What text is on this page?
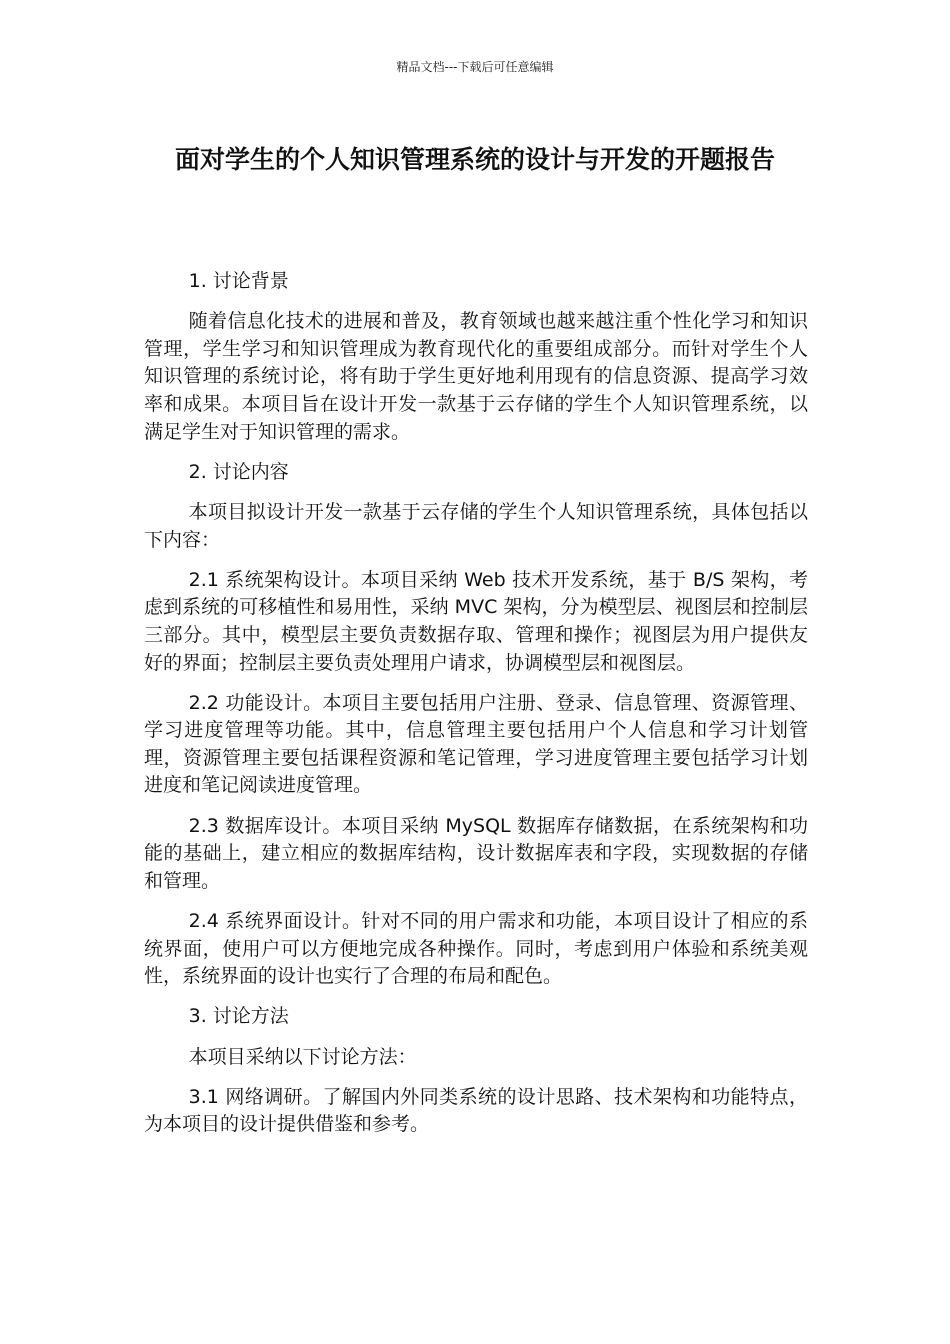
精品文档---下载后可任意编辑
面对学生的个人知识管理系统的设计与开发的开题报告

1. 讨论背景

随着信息化技术的进展和普及，教育领域也越来越注重个性化学习和知识管理，学生学习和知识管理成为教育现代化的重要组成部分。而针对学生个人知识管理的系统讨论，将有助于学生更好地利用现有的信息资源、提高学习效率和成果。本项目旨在设计开发一款基于云存储的学生个人知识管理系统，以满足学生对于知识管理的需求。

2. 讨论内容

本项目拟设计开发一款基于云存储的学生个人知识管理系统，具体包括以下内容：

2.1 系统架构设计。本项目采纳 Web 技术开发系统，基于 B/S 架构，考虑到系统的可移植性和易用性，采纳 MVC 架构，分为模型层、视图层和控制层三部分。其中，模型层主要负责数据存取、管理和操作；视图层为用户提供友好的界面；控制层主要负责处理用户请求，协调模型层和视图层。

2.2 功能设计。本项目主要包括用户注册、登录、信息管理、资源管理、学习进度管理等功能。其中，信息管理主要包括用户个人信息和学习计划管理，资源管理主要包括课程资源和笔记管理，学习进度管理主要包括学习计划进度和笔记阅读进度管理。

2.3 数据库设计。本项目采纳 MySQL 数据库存储数据，在系统架构和功能的基础上，建立相应的数据库结构，设计数据库表和字段，实现数据的存储和管理。

2.4 系统界面设计。针对不同的用户需求和功能，本项目设计了相应的系统界面，使用户可以方便地完成各种操作。同时，考虑到用户体验和系统美观性，系统界面的设计也实行了合理的布局和配色。

3. 讨论方法

本项目采纳以下讨论方法：

3.1 网络调研。了解国内外同类系统的设计思路、技术架构和功能特点，为本项目的设计提供借鉴和参考。
